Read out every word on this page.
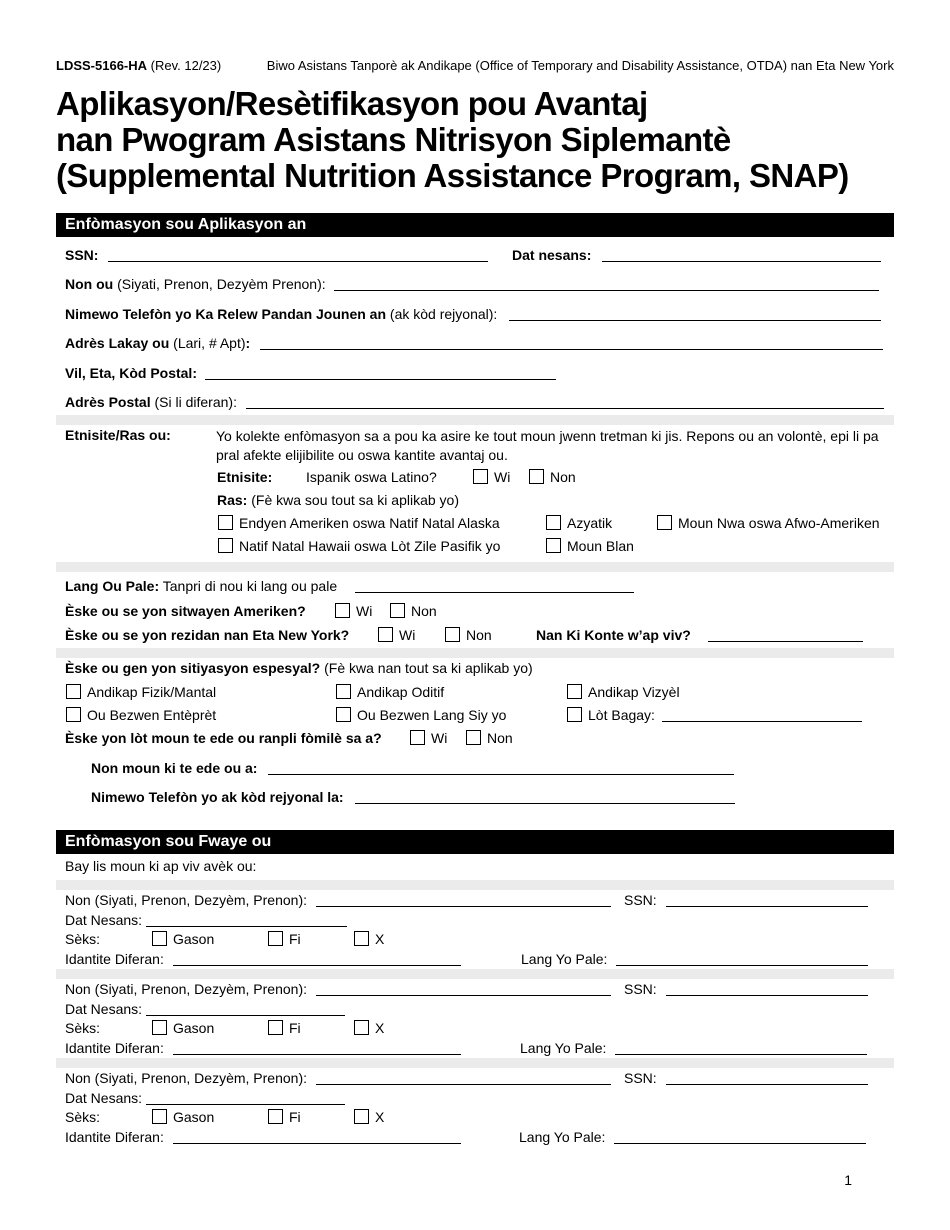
LDSS-5166-HA (Rev. 12/23)	Biwo Asistans Tanporè ak Andikape (Office of Temporary and Disability Assistance, OTDA) nan Eta New York
Aplikasyon/Resètifikasyon pou Avantaj
nan Pwogram Asistans Nitrisyon Siplemantè
(Supplemental Nutrition Assistance Program, SNAP)
Enfòmasyon sou Aplikasyon an
SSN:	Dat nesans:
Non ou (Siyati, Prenon, Dezyèm Prenon):
Nimewo Telefòn yo Ka Relew Pandan Jounen an (ak kòd rejyonal):
Adrès Lakay ou (Lari, # Apt):
Vil, Eta, Kòd Postal:
Adrès Postal (Si li diferan):
Etnisite/Ras ou:	Yo kolekte enfòmasyon sa a pou ka asire ke tout moun jwenn tretman ki jis. Repons ou an volontè, epi li pa pral afekte elijibilite ou oswa kantite avantaj ou.
Etnisite: Ispanik oswa Latino?	Wi	Non
Ras: (Fè kwa sou tout sa ki aplikab yo)
Endyen Ameriken oswa Natif Natal Alaska	Azyatik	Moun Nwa oswa Afwo-Ameriken
Natif Natal Hawaii oswa Lòt Zile Pasifik yo	Moun Blan
Lang Ou Pale: Tanpri di nou ki lang ou pale
Èske ou se yon sitwayen Ameriken?	Wi	Non
Èske ou se yon rezidan nan Eta New York?	Wi	Non	Nan Ki Konte w’ap viv?
Èske ou gen yon sitiyasyon espesyal? (Fè kwa nan tout sa ki aplikab yo)
Andikap Fizik/Mantal	Andikap Oditif	Andikap Vizyèl
Ou Bezwen Entèprèt	Ou Bezwen Lang Siy yo	Lòt Bagay:
Èske yon lòt moun te ede ou ranpli fòmilè sa a?	Wi	Non
Non moun ki te ede ou a:
Nimewo Telefòn yo ak kòd rejyonal la:
Enfòmasyon sou Fwaye ou
Bay lis moun ki ap viv avèk ou:
Non (Siyati, Prenon, Dezyèm, Prenon):	SSN:
Dat Nesans:
Sèks:	Gason	Fi	X
Idantite Diferan:	Lang Yo Pale:
Non (Siyati, Prenon, Dezyèm, Prenon):	SSN:
Dat Nesans:
Sèks:	Gason	Fi	X
Idantite Diferan:	Lang Yo Pale:
Non (Siyati, Prenon, Dezyèm, Prenon):	SSN:
Dat Nesans:
Sèks:	Gason	Fi	X
Idantite Diferan:	Lang Yo Pale:
1
